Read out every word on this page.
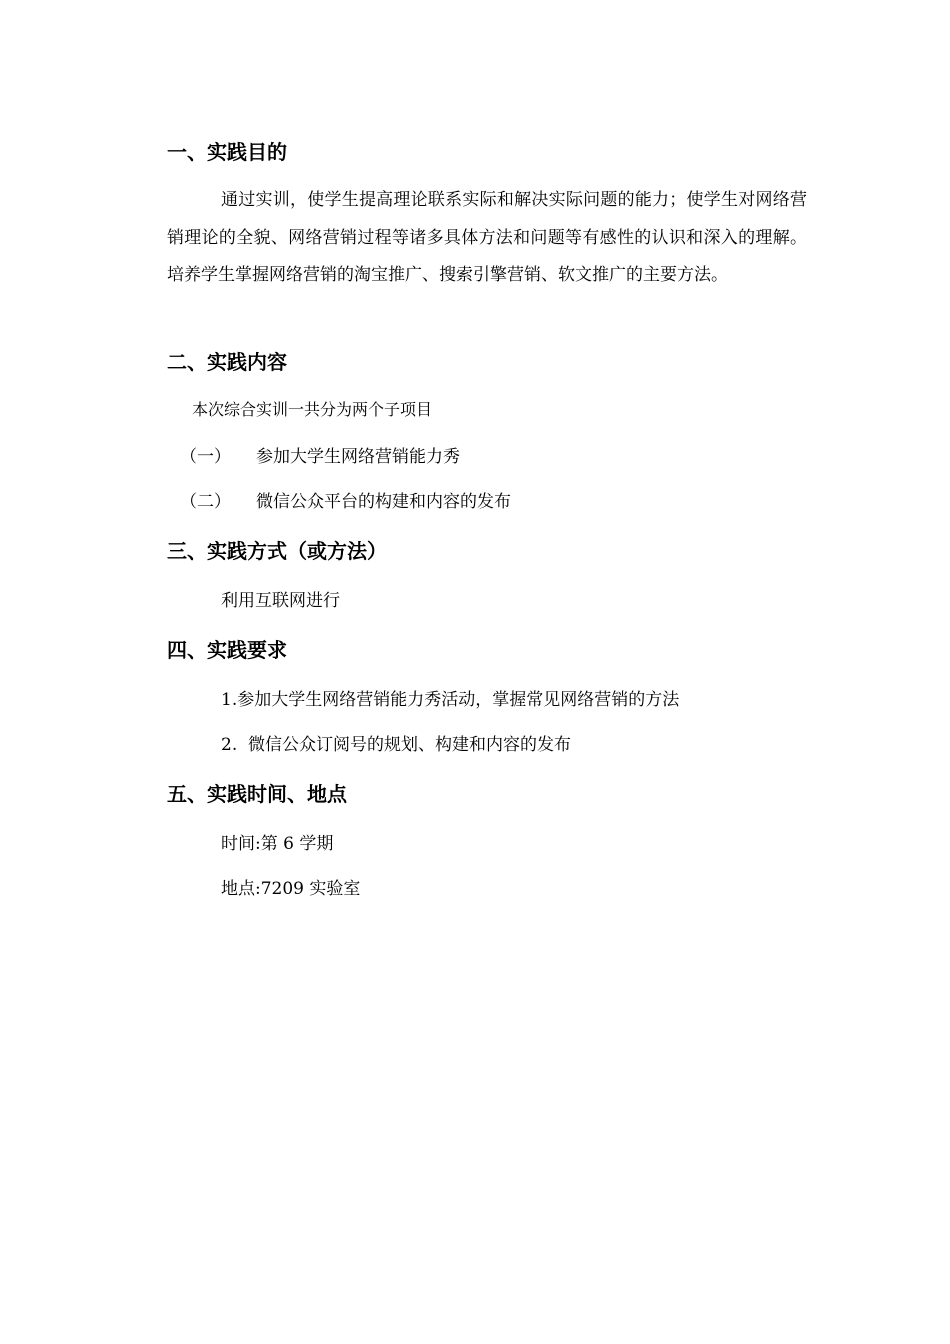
一、实践目的

通过实训，使学生提高理论联系实际和解决实际问题的能力；使学生对网络营销理论的全貌、网络营销过程等诸多具体方法和问题等有感性的认识和深入的理解。培养学生掌握网络营销的淘宝推广、搜索引擎营销、软文推广的主要方法。

二、实践内容

本次综合实训一共分为两个子项目

（一） 参加大学生网络营销能力秀
（二） 微信公众平台的构建和内容的发布
三、实践方式（或方法）

利用互联网进行

四、实践要求

1.参加大学生网络营销能力秀活动，掌握常见网络营销的方法

2.  微信公众订阅号的规划、构建和内容的发布

五、实践时间、地点

时间:第 6 学期

地点:7209 实验室
